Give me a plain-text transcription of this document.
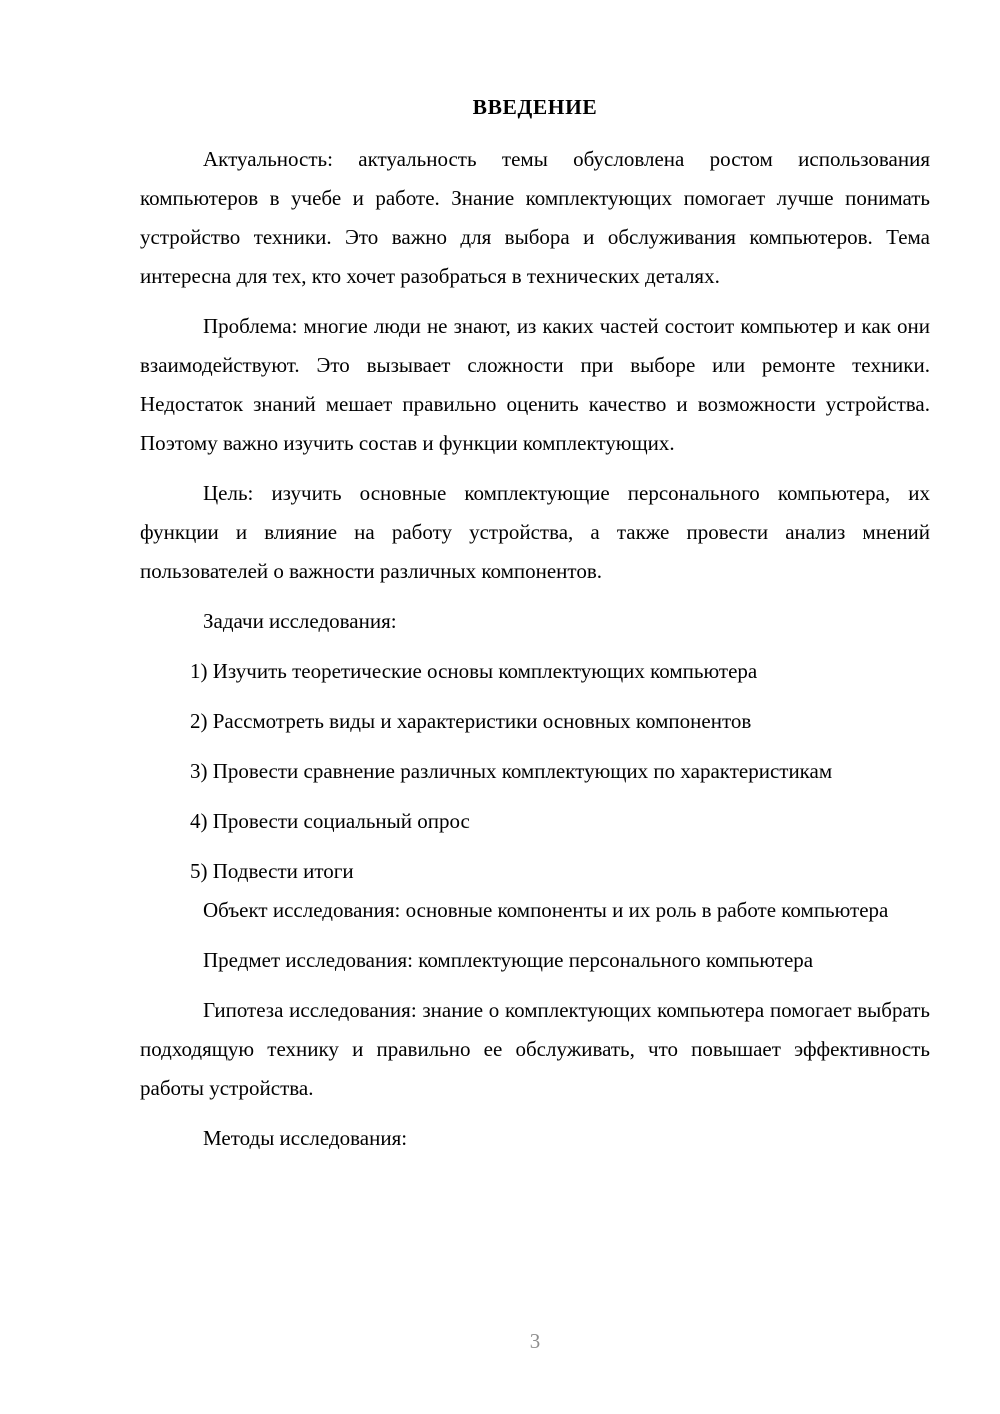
ВВЕДЕНИЕ

Актуальность: актуальность темы обусловлена ростом использования компьютеров в учебе и работе. Знание комплектующих помогает лучше понимать устройство техники. Это важно для выбора и обслуживания компьютеров. Тема интересна для тех, кто хочет разобраться в технических деталях.

Проблема: многие люди не знают, из каких частей состоит компьютер и как они взаимодействуют. Это вызывает сложности при выборе или ремонте техники. Недостаток знаний мешает правильно оценить качество и возможности устройства. Поэтому важно изучить состав и функции комплектующих.

Цель: изучить основные комплектующие персонального компьютера, их функции и влияние на работу устройства, а также провести анализ мнений пользователей о важности различных компонентов.

Задачи исследования:

1) Изучить теоретические основы комплектующих компьютера

2) Рассмотреть виды и характеристики основных компонентов

3) Провести сравнение различных комплектующих по характеристикам

4) Провести социальный опрос

5) Подвести итоги

Объект исследования: основные компоненты и их роль в работе компьютера

Предмет исследования: комплектующие персонального компьютера

Гипотеза исследования: знание о комплектующих компьютера помогает выбрать подходящую технику и правильно ее обслуживать, что повышает эффективность работы устройства.

Методы исследования:

3
